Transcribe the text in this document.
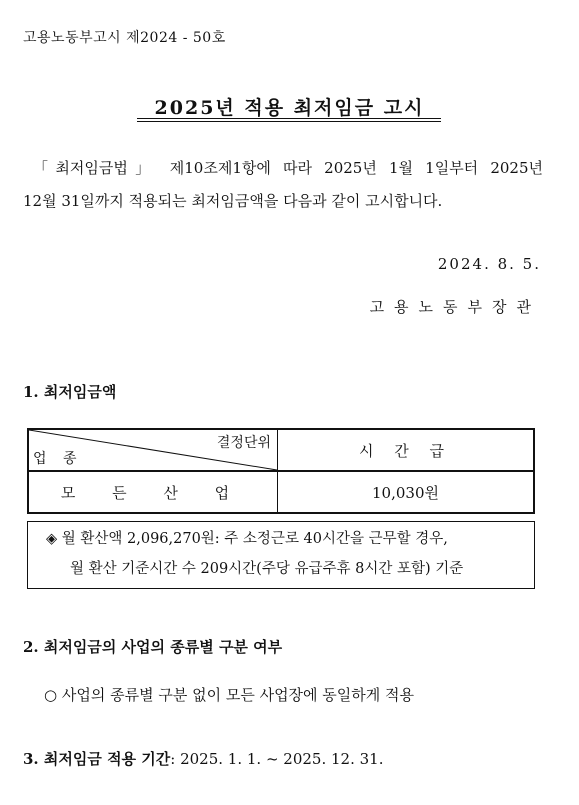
고용노동부고시 제2024 - 50호
2025년 적용 최저임금 고시

「최저임금법」 제10조제1항에 따라 2025년 1월 1일부터 2025년

12월 31일까지 적용되는 최저임금액을 다음과 같이 고시합니다.

2024. 8. 5.
고용노동부장관
1. 최저임금액
결정단위
업 종	시 간 급
모 든 산 업	10,030원
◈ 월 환산액 2,096,270원: 주 소정근로 40시간을 근무할 경우,
월 환산 기준시간 수 209시간(주당 유급주휴 8시간 포함) 기준
2. 최저임금의 사업의 종류별 구분 여부
○ 사업의 종류별 구분 없이 모든 사업장에 동일하게 적용
3. 최저임금 적용 기간: 2025. 1. 1. ~ 2025. 12. 31.
